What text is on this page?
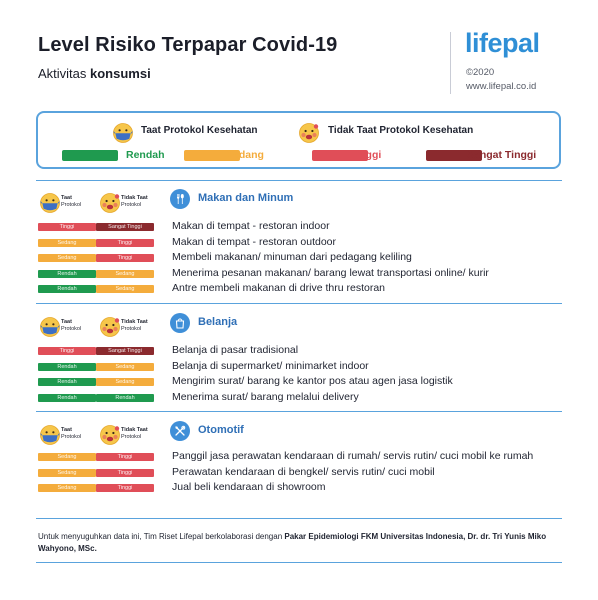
Level Risiko Terpapar Covid-19
Aktivitas konsumsi
lifepal
©2020
www.lifepal.co.id
Taat Protokol Kesehatan	Tidak Taat Protokol Kesehatan
Rendah	Sedang	Tinggi	Sangat Tinggi
Taat
Protokol
Tidak Taat
Protokol
Makan dan Minum
Tinggi	Sangat Tinggi	Makan di tempat - restoran indoor
Sedang	Tinggi	Makan di tempat - restoran outdoor
Sedang	Tinggi	Membeli makanan/ minuman dari pedagang keliling
Rendah	Sedang	Menerima pesanan makanan/ barang lewat transportasi online/ kurir
Rendah	Sedang	Antre membeli makanan di drive thru restoran
Taat
Protokol
Tidak Taat
Protokol
Belanja
Tinggi	Sangat Tinggi	Belanja di pasar tradisional
Rendah	Sedang	Belanja di supermarket/ minimarket indoor
Rendah	Sedang	Mengirim surat/ barang ke kantor pos atau agen jasa logistik
Rendah	Rendah	Menerima surat/ barang melalui delivery
Taat
Protokol
Tidak Taat
Protokol
Otomotif
Sedang	Tinggi	Panggil jasa perawatan kendaraan di rumah/ servis rutin/ cuci mobil ke rumah
Sedang	Tinggi	Perawatan kendaraan di bengkel/ servis rutin/ cuci mobil
Sedang	Tinggi	Jual beli kendaraan di showroom
Untuk menyuguhkan data ini, Tim Riset Lifepal berkolaborasi dengan Pakar Epidemiologi FKM Universitas Indonesia, Dr. dr. Tri Yunis Miko Wahyono, MSc.
